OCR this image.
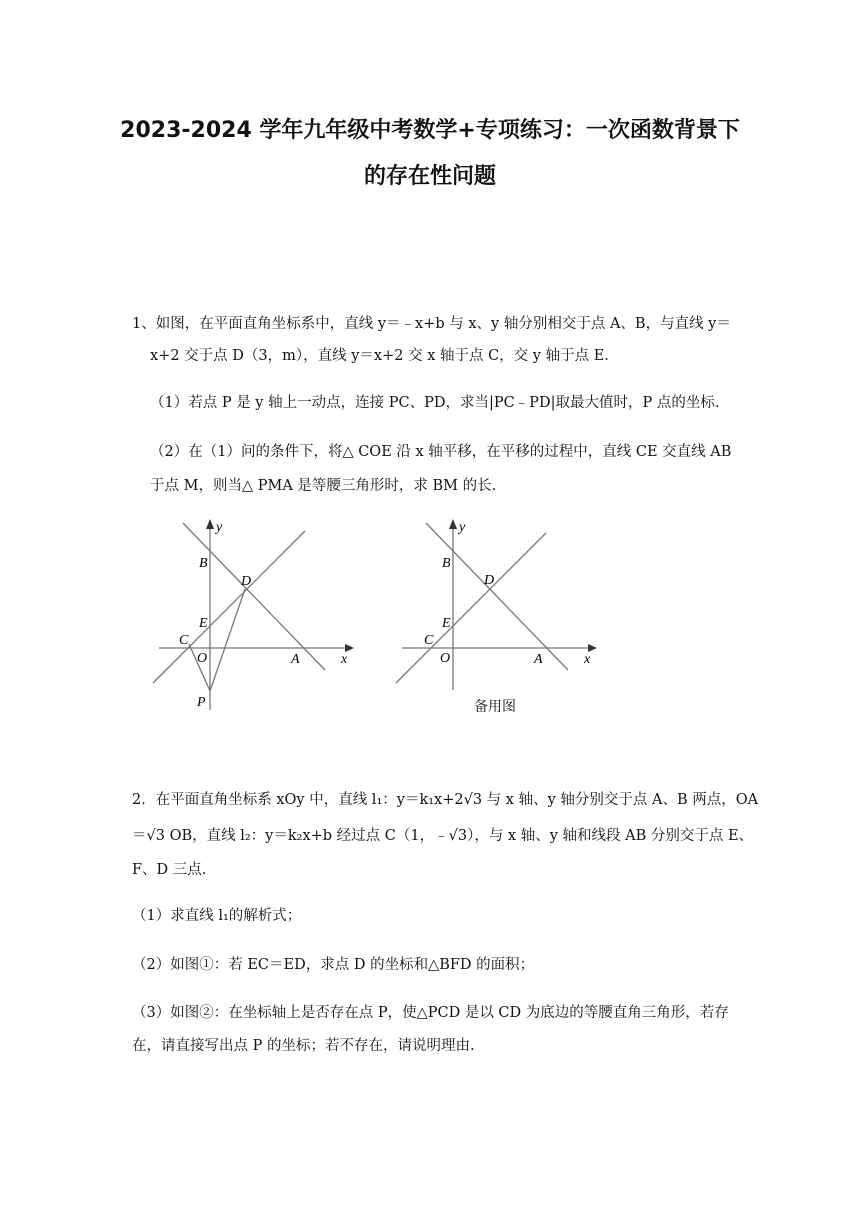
2023-2024 学年九年级中考数学+专项练习：一次函数背景下
的存在性问题
1、如图，在平面直角坐标系中，直线 y＝﹣x+b 与 x、y 轴分别相交于点 A、B，与直线 y＝
x+2 交于点 D（3，m），直线 y＝x+2 交 x 轴于点 C，交 y 轴于点 E.
（1）若点 P 是 y 轴上一动点，连接 PC、PD，求当|PC﹣PD|取最大值时，P 点的坐标.
（2）在（1）问的条件下，将△ COE 沿 x 轴平移，在平移的过程中，直线 CE 交直线 AB
于点 M，则当△ PMA 是等腰三角形时，求 BM 的长.
y
x
B
D
E
C
O	A
P
y
x
B
D
E
C
O	A
备用图
2．在平面直角坐标系 xOy 中，直线 l₁：y＝k₁x+2√3 与 x 轴、y 轴分别交于点 A、B 两点，OA
＝√3 OB，直线 l₂：y＝k₂x+b 经过点 C（1，﹣√3），与 x 轴、y 轴和线段 AB 分别交于点 E、
F、D 三点.
（1）求直线 l₁的解析式；
（2）如图①：若 EC＝ED，求点 D 的坐标和△BFD 的面积；
（3）如图②：在坐标轴上是否存在点 P，使△PCD 是以 CD 为底边的等腰直角三角形，若存
在，请直接写出点 P 的坐标；若不存在，请说明理由.
